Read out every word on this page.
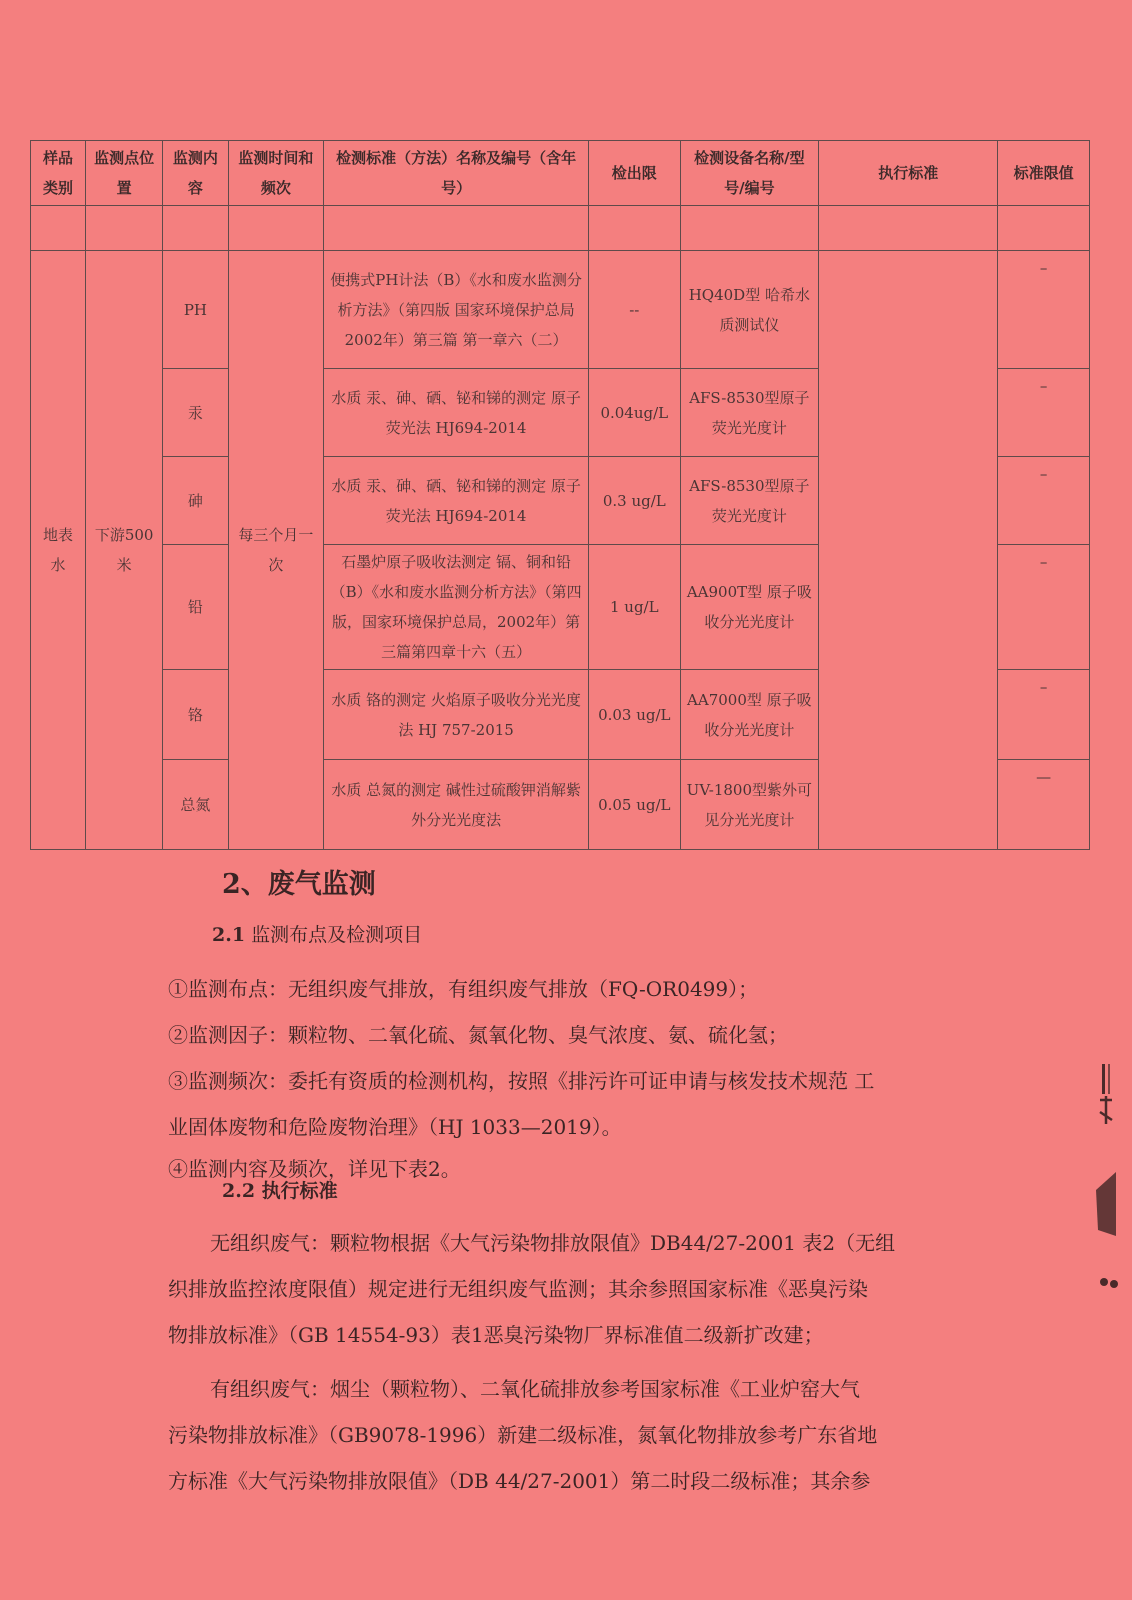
样品类别	监测点位置	监测内容	监测时间和频次	检测标准（方法）名称及编号（含年号）	检出限	检测设备名称/型号/编号	执行标准	标准限值

地表水	下游500米	PH	每三个月一次	便携式PH计法（B）《水和废水监测分析方法》（第四版 国家环境保护总局 2002年）第三篇 第一章六（二）	--	HQ40D型 哈希水质测试仪		–
		汞		水质 汞、砷、硒、铋和锑的测定 原子荧光法 HJ694-2014	0.04ug/L	AFS-8530型原子荧光光度计		–
		砷		水质 汞、砷、硒、铋和锑的测定 原子荧光法 HJ694-2014	0.3 ug/L	AFS-8530型原子荧光光度计		–
		铅		石墨炉原子吸收法测定 镉、铜和铅（B）《水和废水监测分析方法》（第四版，国家环境保护总局，2002年）第三篇第四章十六（五）	1 ug/L	AA900T型 原子吸收分光光度计		–
		铬		水质 铬的测定 火焰原子吸收分光光度法 HJ 757-2015	0.03 ug/L	AA7000型 原子吸收分光光度计		–
		总氮		水质 总氮的测定 碱性过硫酸钾消解紫外分光光度法	0.05 ug/L	UV-1800型紫外可见分光光度计		—
2、废气监测
2.1 监测布点及检测项目

①监测布点：无组织废气排放，有组织废气排放（FQ-OR0499）；

②监测因子：颗粒物、二氧化硫、氮氧化物、臭气浓度、氨、硫化氢；

③监测频次：委托有资质的检测机构，按照《排污许可证申请与核发技术规范 工

业固体废物和危险废物治理》（HJ 1033—2019）。

④监测内容及频次，详见下表2。

2.2 执行标准

无组织废气：颗粒物根据《大气污染物排放限值》DB44/27-2001 表2（无组

织排放监控浓度限值）规定进行无组织废气监测；其余参照国家标准《恶臭污染

物排放标准》（GB 14554-93）表1恶臭污染物厂界标准值二级新扩改建；

有组织废气：烟尘（颗粒物）、二氧化硫排放参考国家标准《工业炉窑大气

污染物排放标准》（GB9078-1996）新建二级标准，氮氧化物排放参考广东省地

方标准《大气污染物排放限值》（DB 44/27-2001）第二时段二级标准；其余参
